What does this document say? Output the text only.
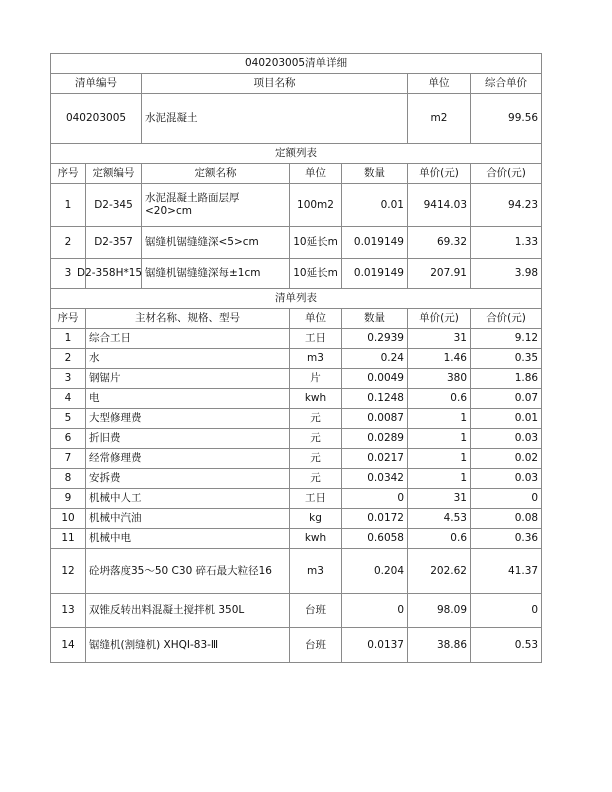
040203005清单详细						
清单编号		项目名称			单位	综合单价
040203005		水泥混凝土			m2	99.56
定额列表						
序号	定额编号	定额名称	单位	数量	单价(元)	合价(元)
1	D2-345	水泥混凝土路面层厚<20>cm	100m2	0.01	9414.03	94.23
2	D2-357	锯缝机锯缝缝深<5>cm	10延长m	0.019149	69.32	1.33
3	D2-358H*15	锯缝机锯缝缝深每±1cm	10延长m	0.019149	207.91	3.98
清单列表						
序号	主材名称、规格、型号		单位	数量	单价(元)	合价(元)
1	综合工日		工日	0.2939	31	9.12
2	水		m3	0.24	1.46	0.35
3	钢锯片		片	0.0049	380	1.86
4	电		kwh	0.1248	0.6	0.07
5	大型修理费		元	0.0087	1	0.01
6	折旧费		元	0.0289	1	0.03
7	经常修理费		元	0.0217	1	0.02
8	安拆费		元	0.0342	1	0.03
9	机械中人工		工日	0	31	0
10	机械中汽油		kg	0.0172	4.53	0.08
11	机械中电		kwh	0.6058	0.6	0.36
12	砼坍落度35～50 C30 碎石最大粒径16		m3	0.204	202.62	41.37
13	双锥反转出料混凝土搅拌机 350L		台班	0	98.09	0
14	锯缝机(割缝机) XHQI-83-Ⅲ		台班	0.0137	38.86	0.53
